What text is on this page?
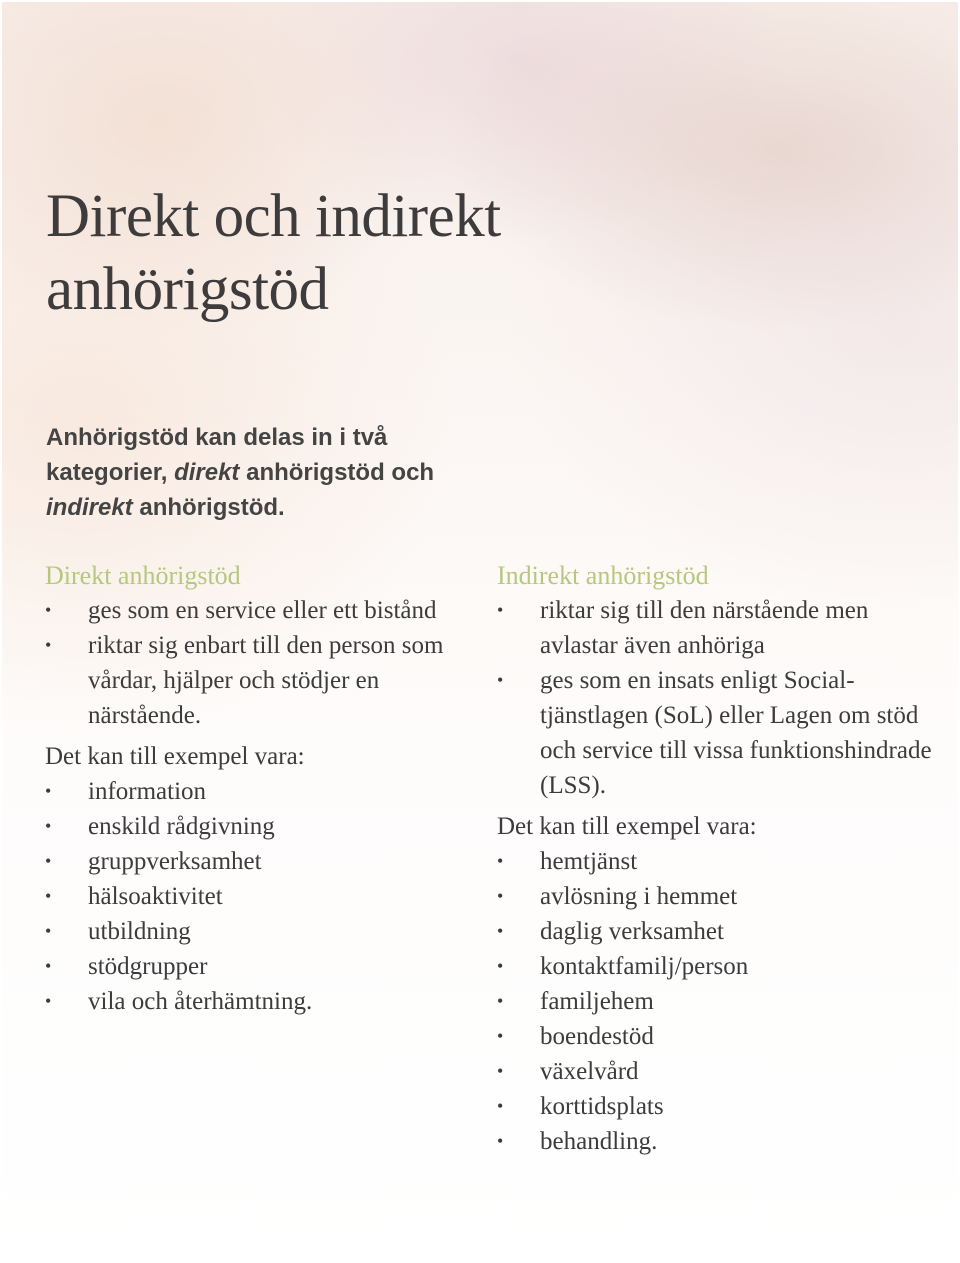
Direkt och indirekt
anhörigstöd

Anhörigstöd kan delas in i två kategorier, direkt anhörigstöd och indirekt anhörigstöd.

Direkt anhörigstöd
•	ges som en service eller ett bistånd
•	riktar sig enbart till den person som vårdar, hjälper och stödjer en närstående.

Det kan till exempel vara:

•	information
•	enskild rådgivning
•	gruppverksamhet
•	hälsoaktivitet
•	utbildning
•	stödgrupper
•	vila och återhämtning.
Indirekt anhörigstöd
•	riktar sig till den närstående men avlastar även anhöriga
•	ges som en insats enligt Social-tjänstlagen (SoL) eller Lagen om stöd och service till vissa funktionshindrade (LSS).

Det kan till exempel vara:

•	hemtjänst
•	avlösning i hemmet
•	daglig verksamhet
•	kontaktfamilj/person
•	familjehem
•	boendestöd
•	växelvård
•	korttidsplats
•	behandling.
